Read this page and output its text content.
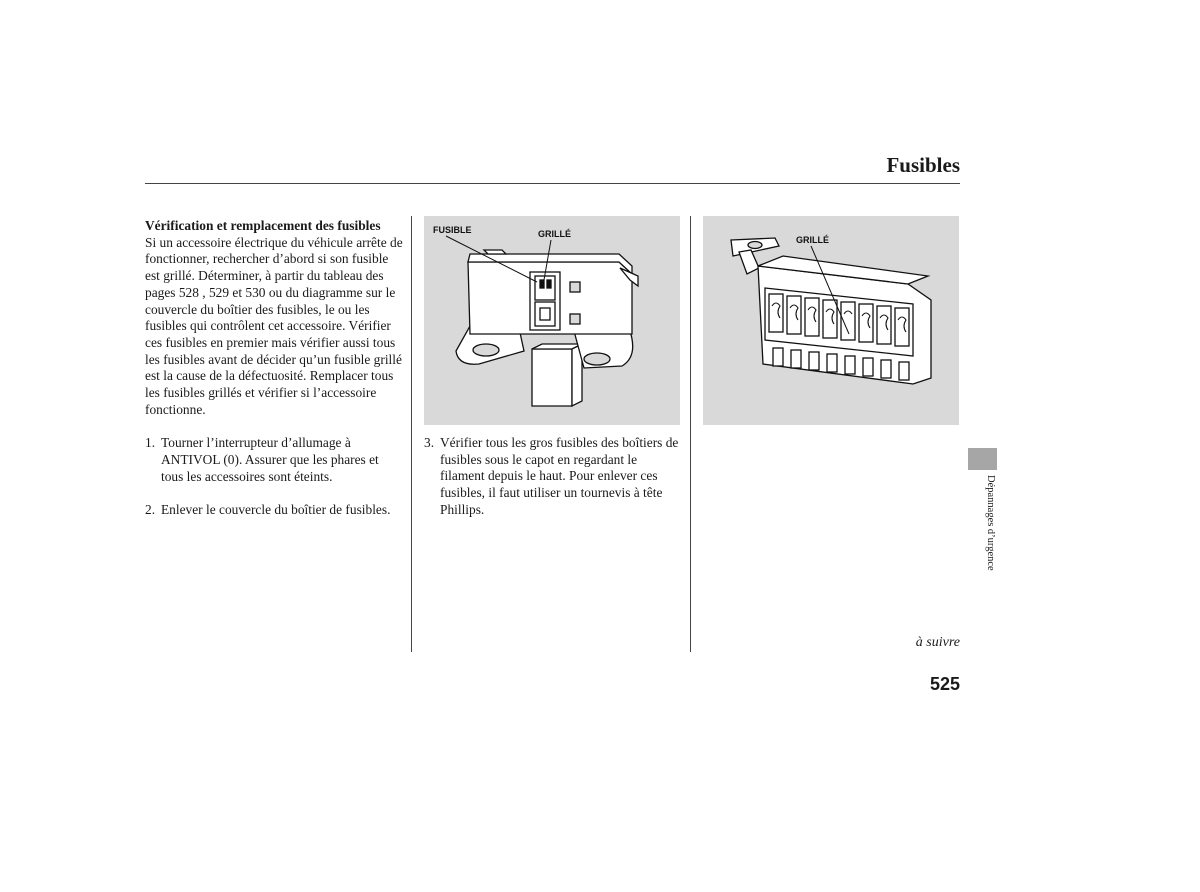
Fusibles

Vérification et remplacement des fusibles

Si un accessoire électrique du véhicule arrête de fonctionner, rechercher d’abord si son fusible est grillé. Déterminer, à partir du tableau des pages 528 , 529 et 530 ou du diagramme sur le couvercle du boîtier des fusibles, le ou les fusibles qui contrôlent cet accessoire. Vérifier ces fusibles en premier mais vérifier aussi tous les fusibles avant de décider qu’un fusible grillé est la cause de la défectuosité. Remplacer tous les fusibles grillés et vérifier si l’accessoire fonctionne.

1. Tourner l’interrupteur d’allumage à ANTIVOL (0). Assurer que les phares et tous les accessoires sont éteints.
2. Enlever le couvercle du boîtier de fusibles.
FUSIBLE	GRILLÉ
3. Vérifier tous les gros fusibles des boîtiers de fusibles sous le capot en regardant le filament depuis le haut. Pour enlever ces fusibles, il faut utiliser un tournevis à tête Phillips.
GRILLÉ
Dépannages d’urgence
à suivre
525
